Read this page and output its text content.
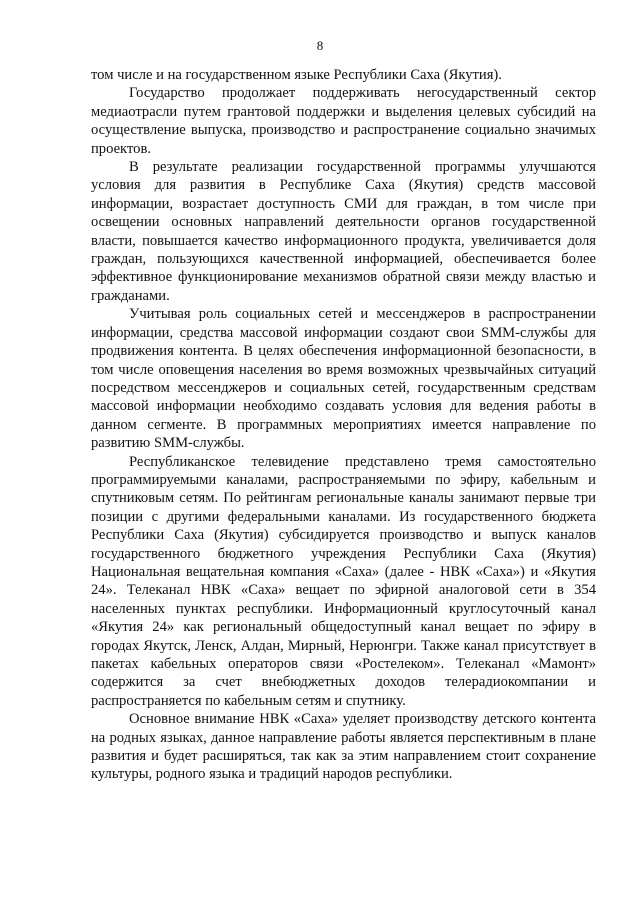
8

том числе и на государственном языке Республики Саха (Якутия).

Государство продолжает поддерживать негосударственный сектор медиаотрасли путем грантовой поддержки и выделения целевых субсидий на осуществление выпуска, производство и распространение социально значимых проектов.

В результате реализации государственной программы улучшаются условия для развития в Республике Саха (Якутия) средств массовой информации, возрастает доступность СМИ для граждан, в том числе при освещении основных направлений деятельности органов государственной власти, повышается качество информационного продукта, увеличивается доля граждан, пользующихся качественной информацией, обеспечивается более эффективное функционирование механизмов обратной связи между властью и гражданами.

Учитывая роль социальных сетей и мессенджеров в распространении информации, средства массовой информации создают свои SMM-службы для продвижения контента. В целях обеспечения информационной безопасности, в том числе оповещения населения во время возможных чрезвычайных ситуаций посредством мессенджеров и социальных сетей, государственным средствам массовой информации необходимо создавать условия для ведения работы в данном сегменте. В программных мероприятиях имеется направление по развитию SMM-службы.

Республиканское телевидение представлено тремя самостоятельно программируемыми каналами, распространяемыми по эфиру, кабельным и спутниковым сетям. По рейтингам региональные каналы занимают первые три позиции с другими федеральными каналами. Из государственного бюджета Республики Саха (Якутия) субсидируется производство и выпуск каналов государственного бюджетного учреждения Республики Саха (Якутия) Национальная вещательная компания «Саха» (далее - НВК «Саха») и «Якутия 24». Телеканал НВК «Саха» вещает по эфирной аналоговой сети в 354 населенных пунктах республики. Информационный круглосуточный канал «Якутия 24» как региональный общедоступный канал вещает по эфиру в городах Якутск, Ленск, Алдан, Мирный, Нерюнгри. Также канал присутствует в пакетах кабельных операторов связи «Ростелеком». Телеканал «Мамонт» содержится за счет внебюджетных доходов телерадиокомпании и распространяется по кабельным сетям и спутнику.

Основное внимание НВК «Саха» уделяет производству детского контента на родных языках, данное направление работы является перспективным в плане развития и будет расширяться, так как за этим направлением стоит сохранение культуры, родного языка и традиций народов республики.
